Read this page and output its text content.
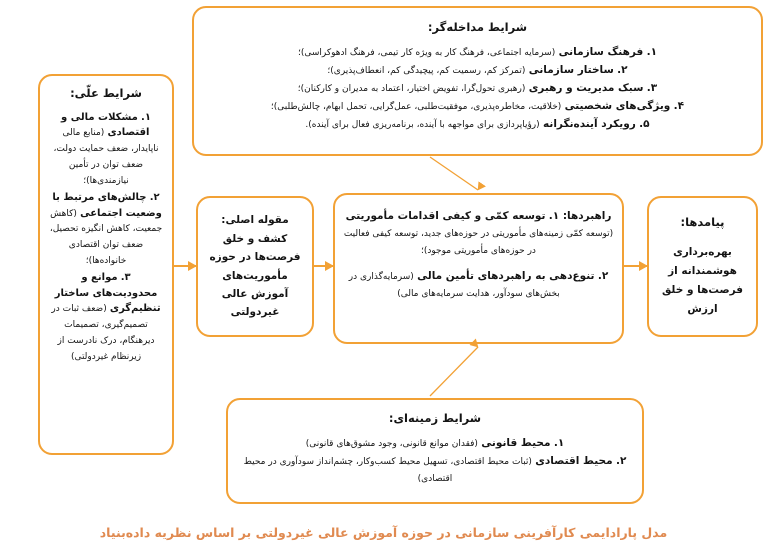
شرایط مداخله‌گر:
۱. فرهنگ سازمانی (سرمایه اجتماعی، فرهنگ کار به ویژه کار تیمی، فرهنگ ادهوکراسی)؛
۲. ساختار سازمانی (تمرکز کم، رسمیت کم، پیچیدگی کم، انعطاف‌پذیری)؛
۳. سبک مدیریت و رهبری (رهبری تحول‌گرا، تفویض اختیار، اعتماد به مدیران و کارکنان)؛
۴. ویژگی‌های شخصیتی (خلاقیت، مخاطره‌پذیری، موفقیت‌طلبی، عمل‌گرایی، تحمل ابهام، چالش‌طلبی)؛
۵. رویکرد آینده‌نگرانه (رؤیاپردازی برای مواجهه با آینده، برنامه‌ریزی فعال برای آینده).
شرایط علّی:
۱. مشکلات مالی و اقتصادی (منابع مالی ناپایدار، ضعف حمایت دولت، ضعف توان در تأمین نیازمندی‌ها)؛
۲. چالش‌های مرتبط با وضعیت اجتماعی (کاهش جمعیت، کاهش انگیزه تحصیل، ضعف توان اقتصادی خانواده‌ها)؛
۳. موانع و محدودیت‌های ساختار تنظیم‌گری (ضعف ثبات در تصمیم‌گیری، تصمیمات دیرهنگام، درک نادرست از زیرنظام غیردولتی)
مقوله اصلی: کشف و خلق فرصت‌ها در حوزه مأموریت‌های آموزش عالی غیردولتی
راهبردها: ۱. توسعه کمّی و کیفی اقدامات مأموریتی (توسعه کمّی زمینه‌های مأموریتی در حوزه‌های جدید، توسعه کیفی فعالیت در حوزه‌های مأموریتی موجود)؛
۲. تنوع‌دهی به راهبردهای تأمین مالی (سرمایه‌گذاری در بخش‌های سودآور، هدایت سرمایه‌های مالی)
پیامدها:
بهره‌برداری هوشمندانه از فرصت‌ها و خلق ارزش
شرایط زمینه‌ای:
۱. محیط قانونی (فقدان موانع قانونی، وجود مشوق‌های قانونی)
۲. محیط اقتصادی (ثبات محیط اقتصادی، تسهیل محیط کسب‌وکار، چشم‌انداز سودآوری در محیط اقتصادی)
مدل پارادایمی کارآفرینی سازمانی در حوزه آموزش عالی غیردولتی بر اساس نظریه داده‌بنیاد
